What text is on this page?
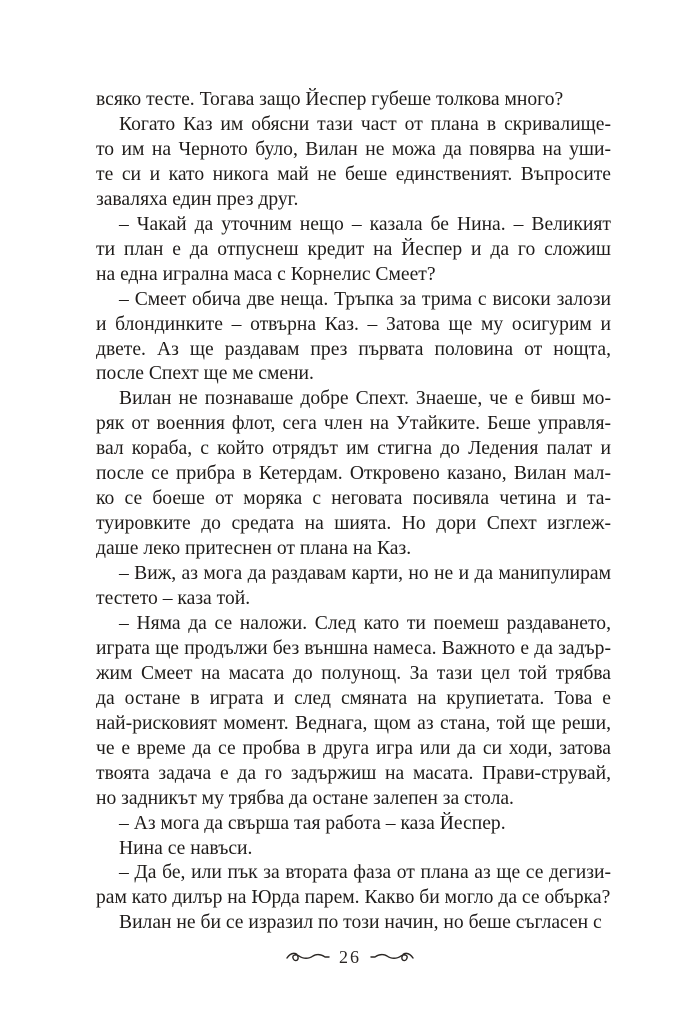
всяко тесте. Тогава защо Йеспер губеше толкова много?
Когато Каз им обясни тази част от плана в скривалище-
то им на Черното було, Вилан не можа да повярва на уши-
те си и като никога май не беше единственият. Въпросите
заваляха един през друг.
– Чакай да уточним нещо – казала бе Нина. – Великият
ти план е да отпуснеш кредит на Йеспер и да го сложиш
на една игрална маса с Корнелис Смеет?
– Смеет обича две неща. Тръпка за трима с високи залози
и блондинките – отвърна Каз. – Затова ще му осигурим и
двете. Аз ще раздавам през първата половина от нощта,
после Спехт ще ме смени.
Вилан не познаваше добре Спехт. Знаеше, че е бивш мо-
ряк от военния флот, сега член на Утайките. Беше управля-
вал кораба, с който отрядът им стигна до Ледения палат и
после се прибра в Кетердам. Откровено казано, Вилан мал-
ко се боеше от моряка с неговата посивяла четина и та-
туировките до средата на шията. Но дори Спехт изглеж-
даше леко притеснен от плана на Каз.
– Виж, аз мога да раздавам карти, но не и да манипулирам
тестето – каза той.
– Няма да се наложи. След като ти поемеш раздаването,
играта ще продължи без външна намеса. Важното е да задър-
жим Смеет на масата до полунощ. За тази цел той трябва
да остане в играта и след смяната на крупиетата. Това е
най-рисковият момент. Веднага, щом аз стана, той ще реши,
че е време да се пробва в друга игра или да си ходи, затова
твоята задача е да го задържиш на масата. Прави-струвай,
но задникът му трябва да остане залепен за стола.
– Аз мога да свърша тая работа – каза Йеспер.
Нина се навъси.
– Да бе, или пък за втората фаза от плана аз ще се дегизи-
рам като дилър на Юрда парем. Какво би могло да се обърка?
Вилан не би се изразил по този начин, но беше съгласен с
26
